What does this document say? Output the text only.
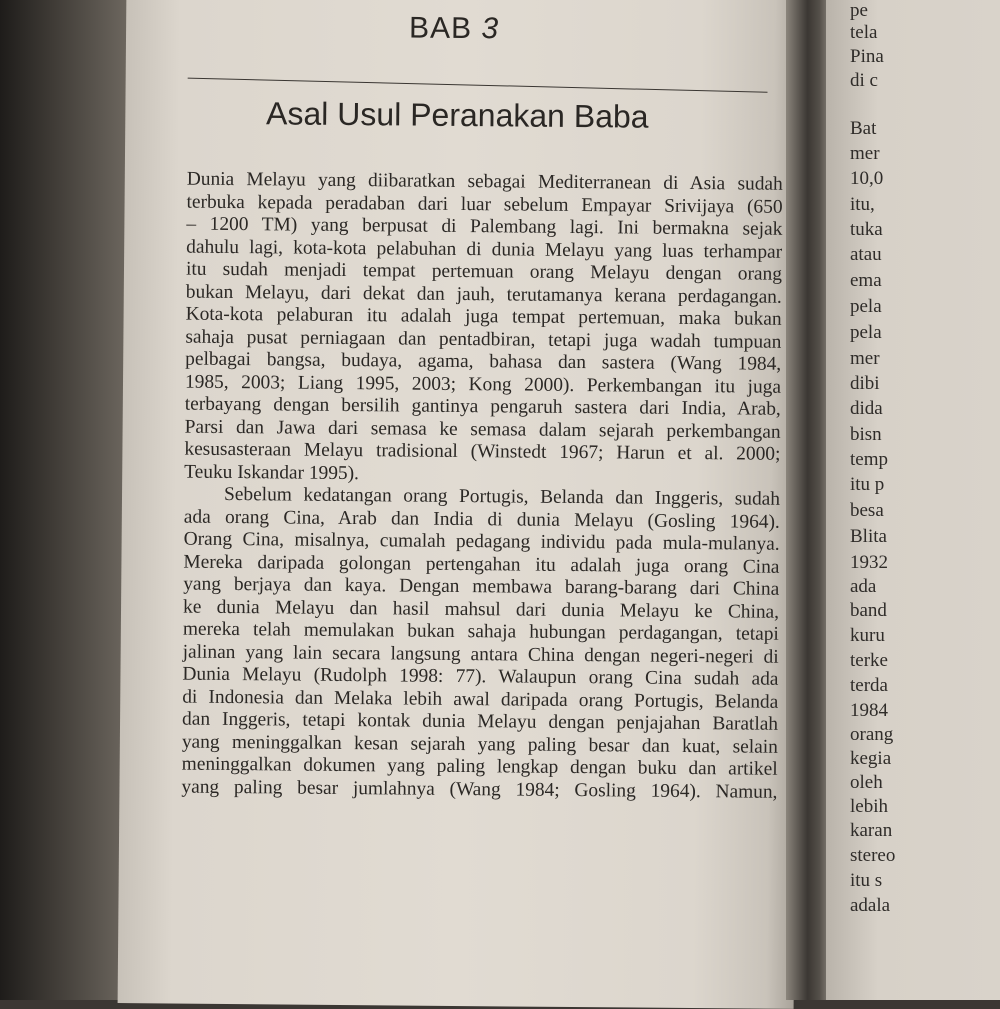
BAB 3
Asal Usul Peranakan Baba
Dunia Melayu yang diibaratkan sebagai Mediterranean di Asia sudah
terbuka kepada peradaban dari luar sebelum Empayar Srivijaya (650
– 1200 TM) yang berpusat di Palembang lagi. Ini bermakna sejak
dahulu lagi, kota-kota pelabuhan di dunia Melayu yang luas terhampar
itu sudah menjadi tempat pertemuan orang Melayu dengan orang
bukan Melayu, dari dekat dan jauh, terutamanya kerana perdagangan.
Kota-kota pelaburan itu adalah juga tempat pertemuan, maka bukan
sahaja pusat perniagaan dan pentadbiran, tetapi juga wadah tumpuan
pelbagai bangsa, budaya, agama, bahasa dan sastera (Wang 1984,
1985, 2003; Liang 1995, 2003; Kong 2000). Perkembangan itu juga
terbayang dengan bersilih gantinya pengaruh sastera dari India, Arab,
Parsi dan Jawa dari semasa ke semasa dalam sejarah perkembangan
kesusasteraan Melayu tradisional (Winstedt 1967; Harun et al. 2000;
Teuku Iskandar 1995).
Sebelum kedatangan orang Portugis, Belanda dan Inggeris, sudah
ada orang Cina, Arab dan India di dunia Melayu (Gosling 1964).
Orang Cina, misalnya, cumalah pedagang individu pada mula-mulanya.
Mereka daripada golongan pertengahan itu adalah juga orang Cina
yang berjaya dan kaya. Dengan membawa barang-barang dari China
ke dunia Melayu dan hasil mahsul dari dunia Melayu ke China,
mereka telah memulakan bukan sahaja hubungan perdagangan, tetapi
jalinan yang lain secara langsung antara China dengan negeri-negeri di
Dunia Melayu (Rudolph 1998: 77). Walaupun orang Cina sudah ada
di Indonesia dan Melaka lebih awal daripada orang Portugis, Belanda
dan Inggeris, tetapi kontak dunia Melayu dengan penjajahan Baratlah
yang meninggalkan kesan sejarah yang paling besar dan kuat, selain
meninggalkan dokumen yang paling lengkap dengan buku dan artikel
yang paling besar jumlahnya (Wang 1984; Gosling 1964). Namun,
pe
tela
Pina
di c
Bat
mer
10,0
itu,
tuka
atau
ema
pela
pela
mer
dibi
dida
bisn
temp
itu p
besa
Blita
1932
ada
band
kuru
terke
terda
1984
orang
kegia
oleh
lebih
karan
stereo
itu s
adala
